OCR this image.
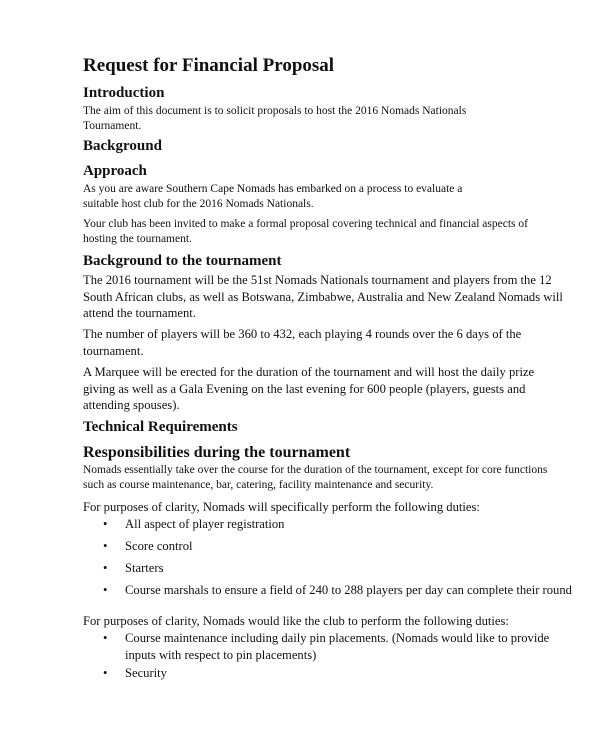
Request for Financial Proposal
Introduction
The aim of this document is to solicit proposals to host the 2016 Nomads Nationals Tournament.
Background
Approach
As you are aware Southern Cape Nomads has embarked on a process to evaluate a suitable host club for the 2016 Nomads Nationals.
Your club has been invited to make a formal proposal covering technical and financial aspects of hosting the tournament.
Background to the tournament
The 2016 tournament will be the 51st Nomads Nationals tournament and players from the 12 South African clubs, as well as Botswana, Zimbabwe, Australia and New Zealand Nomads will attend the tournament.
The number of players will be 360 to 432, each playing 4 rounds over the 6 days of the tournament.
A Marquee will be erected for the duration of the tournament and will host the daily prize giving as well as a Gala Evening on the last evening for 600 people (players, guests and attending spouses).
Technical Requirements
Responsibilities during the tournament
Nomads essentially take over the course for the duration of the tournament, except for core functions such as course maintenance, bar, catering, facility maintenance and security.
For purposes of clarity, Nomads will specifically perform the following duties:
• All aspect of player registration
• Score control
• Starters
• Course marshals to ensure a field of 240 to 288 players per day can complete their round
For purposes of clarity, Nomads would like the club to perform the following duties:
• Course maintenance including daily pin placements. (Nomads would like to provide inputs with respect to pin placements)
• Security
